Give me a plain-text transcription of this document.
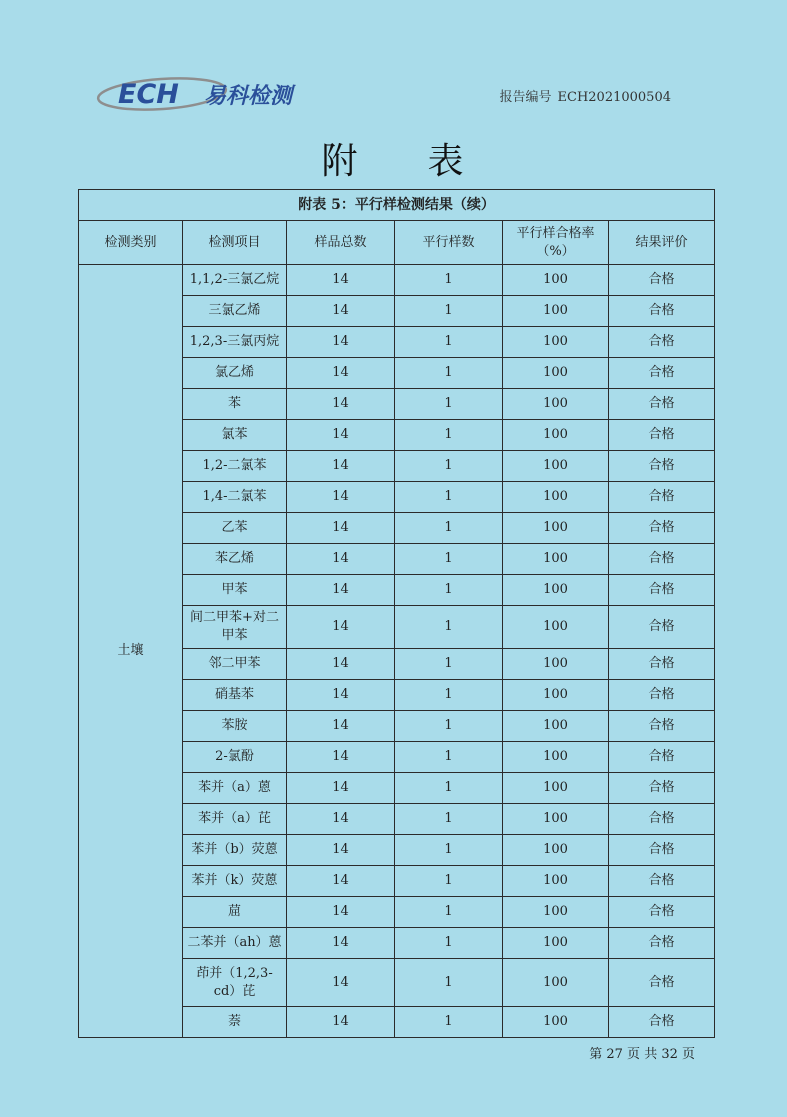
ECH 易科检测	报告编号 ECH2021000504
附 表
附表 5：平行样检测结果（续）					
检测类别	检测项目	样品总数	平行样数	平行样合格率（%）	结果评价
土壤	1,1,2-三氯乙烷	14	1	100	合格
	三氯乙烯	14	1	100	合格
	1,2,3-三氯丙烷	14	1	100	合格
	氯乙烯	14	1	100	合格
	苯	14	1	100	合格
	氯苯	14	1	100	合格
	1,2-二氯苯	14	1	100	合格
	1,4-二氯苯	14	1	100	合格
	乙苯	14	1	100	合格
	苯乙烯	14	1	100	合格
	甲苯	14	1	100	合格
	间二甲苯+对二甲苯	14	1	100	合格
	邻二甲苯	14	1	100	合格
	硝基苯	14	1	100	合格
	苯胺	14	1	100	合格
	2-氯酚	14	1	100	合格
	苯并（a）蒽	14	1	100	合格
	苯并（a）芘	14	1	100	合格
	苯并（b）荧蒽	14	1	100	合格
	苯并（k）荧蒽	14	1	100	合格
	䓛	14	1	100	合格
	二苯并（ah）蒽	14	1	100	合格
	茚并（1,2,3-cd）芘	14	1	100	合格
	萘	14	1	100	合格
第 27 页 共 32 页
